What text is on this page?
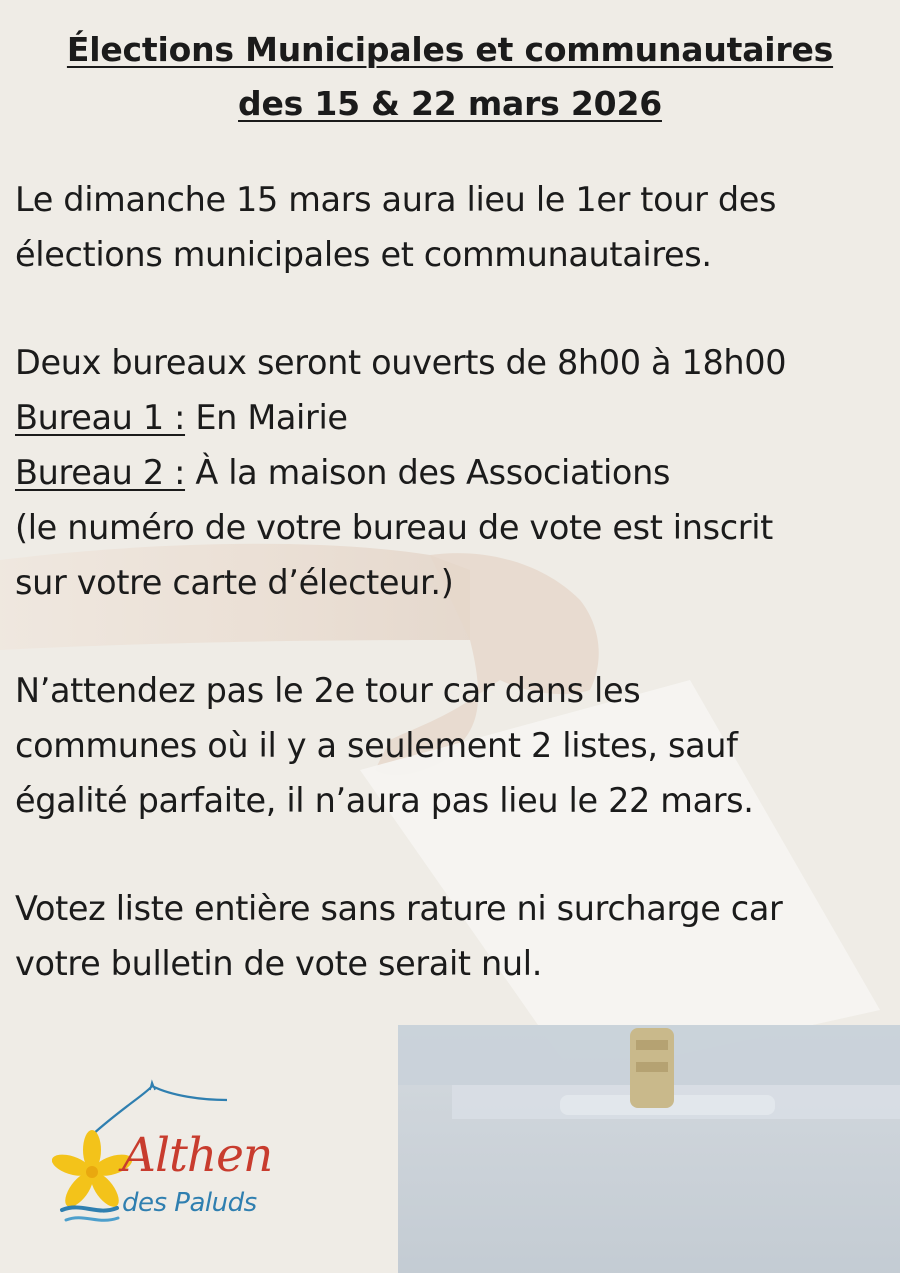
Élections Municipales et communautaires
des 15 & 22 mars 2026
Le dimanche 15 mars aura lieu le 1er tour des
élections municipales et communautaires.
Deux bureaux seront ouverts de 8h00 à 18h00
Bureau 1 : En Mairie
Bureau 2 : À la maison des Associations
(le numéro de votre bureau de vote est inscrit
sur votre carte d’électeur.)
N’attendez pas le 2e tour car dans les
communes où il y a seulement 2 listes, sauf
égalité parfaite, il n’aura pas lieu le 22 mars.
Votez liste entière sans rature ni surcharge car
votre bulletin de vote serait nul.
Althen
des Paluds
